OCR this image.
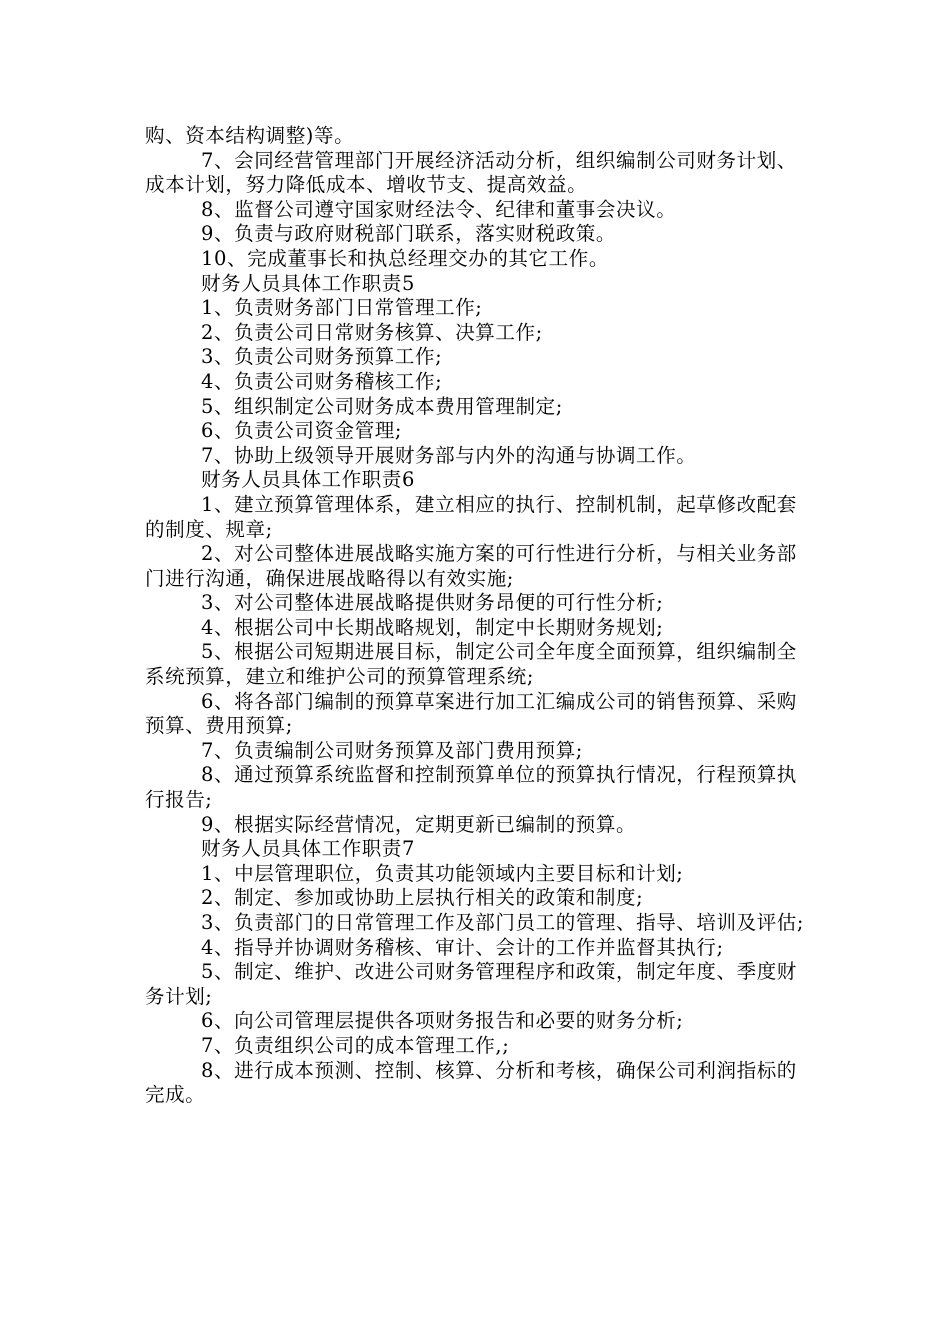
购、资本结构调整)等。

7、会同经营管理部门开展经济活动分析，组织编制公司财务计划、成本计划，努力降低成本、增收节支、提高效益。

8、监督公司遵守国家财经法令、纪律和董事会决议。

9、负责与政府财税部门联系，落实财税政策。

10、完成董事长和执总经理交办的其它工作。

财务人员具体工作职责5

1、负责财务部门日常管理工作;

2、负责公司日常财务核算、决算工作;

3、负责公司财务预算工作;

4、负责公司财务稽核工作;

5、组织制定公司财务成本费用管理制定;

6、负责公司资金管理;

7、协助上级领导开展财务部与内外的沟通与协调工作。

财务人员具体工作职责6

1、建立预算管理体系，建立相应的执行、控制机制，起草修改配套的制度、规章;

2、对公司整体进展战略实施方案的可行性进行分析，与相关业务部门进行沟通，确保进展战略得以有效实施;

3、对公司整体进展战略提供财务昂便的可行性分析;

4、根据公司中长期战略规划，制定中长期财务规划;

5、根据公司短期进展目标，制定公司全年度全面预算，组织编制全系统预算，建立和维护公司的预算管理系统;

6、将各部门编制的预算草案进行加工汇编成公司的销售预算、采购预算、费用预算;

7、负责编制公司财务预算及部门费用预算;

8、通过预算系统监督和控制预算单位的预算执行情况，行程预算执行报告;

9、根据实际经营情况，定期更新已编制的预算。

财务人员具体工作职责7

1、中层管理职位，负责其功能领域内主要目标和计划;

2、制定、参加或协助上层执行相关的政策和制度;

3、负责部门的日常管理工作及部门员工的管理、指导、培训及评估;

4、指导并协调财务稽核、审计、会计的工作并监督其执行;

5、制定、维护、改进公司财务管理程序和政策，制定年度、季度财务计划;

6、向公司管理层提供各项财务报告和必要的财务分析;

7、负责组织公司的成本管理工作,;

8、进行成本预测、控制、核算、分析和考核，确保公司利润指标的完成。
